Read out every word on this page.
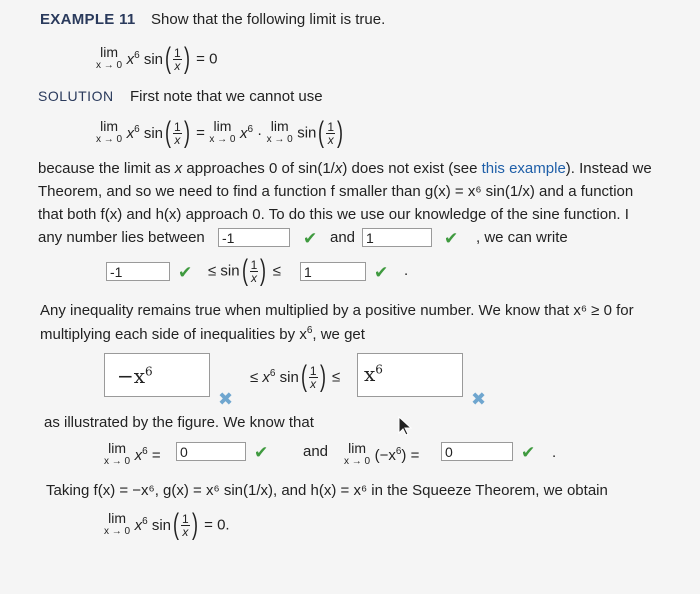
EXAMPLE 11 Show that the following limit is true.
lim
x → 0 $x^6$ $\sin( \frac{1}{x}$ ) = 0
SOLUTION First note that we cannot use
lim
x → 0 $x^6$ $\sin( \frac{1}{x}$ ) = lim
x → 0 $x^6 \cdot \lim$
x → 0 $\sin( \frac{1}{x}$ )
because the limit as x approaches 0 of sin(1/x) does not exist (see this example). Instead we
Theorem, and so we need to find a function f smaller than g(x) = x⁶ sin(1/x) and a function
that both f(x) and h(x) approach 0. To do this we use our knowledge of the sine function. I
any number lies between -1	✔ and 1	✔ , we can write
-1	✔ ≤ $\sin( \frac{1}{x}$ ) ≤ 1	✔ .
Any inequality remains true when multiplied by a positive number. We know that x⁶ ≥ 0 for
multiplying each side of inequalities by $x^6$, we get
$-x^6$
✖
≤ $x^6$ $\sin( \frac{1}{x}$ ) ≤ $x^6$
✖
as illustrated by the figure. We know that
lim
x → 0 $x^6 = 0$	✔ and lim
x → 0 $(-x^6) = 0$	✔ .
Taking f(x) = −x⁶, g(x) = x⁶ sin(1/x), and h(x) = x⁶ in the Squeeze Theorem, we obtain
lim
x → 0 $x^6$ $\sin( \frac{1}{x}$ ) = 0.
